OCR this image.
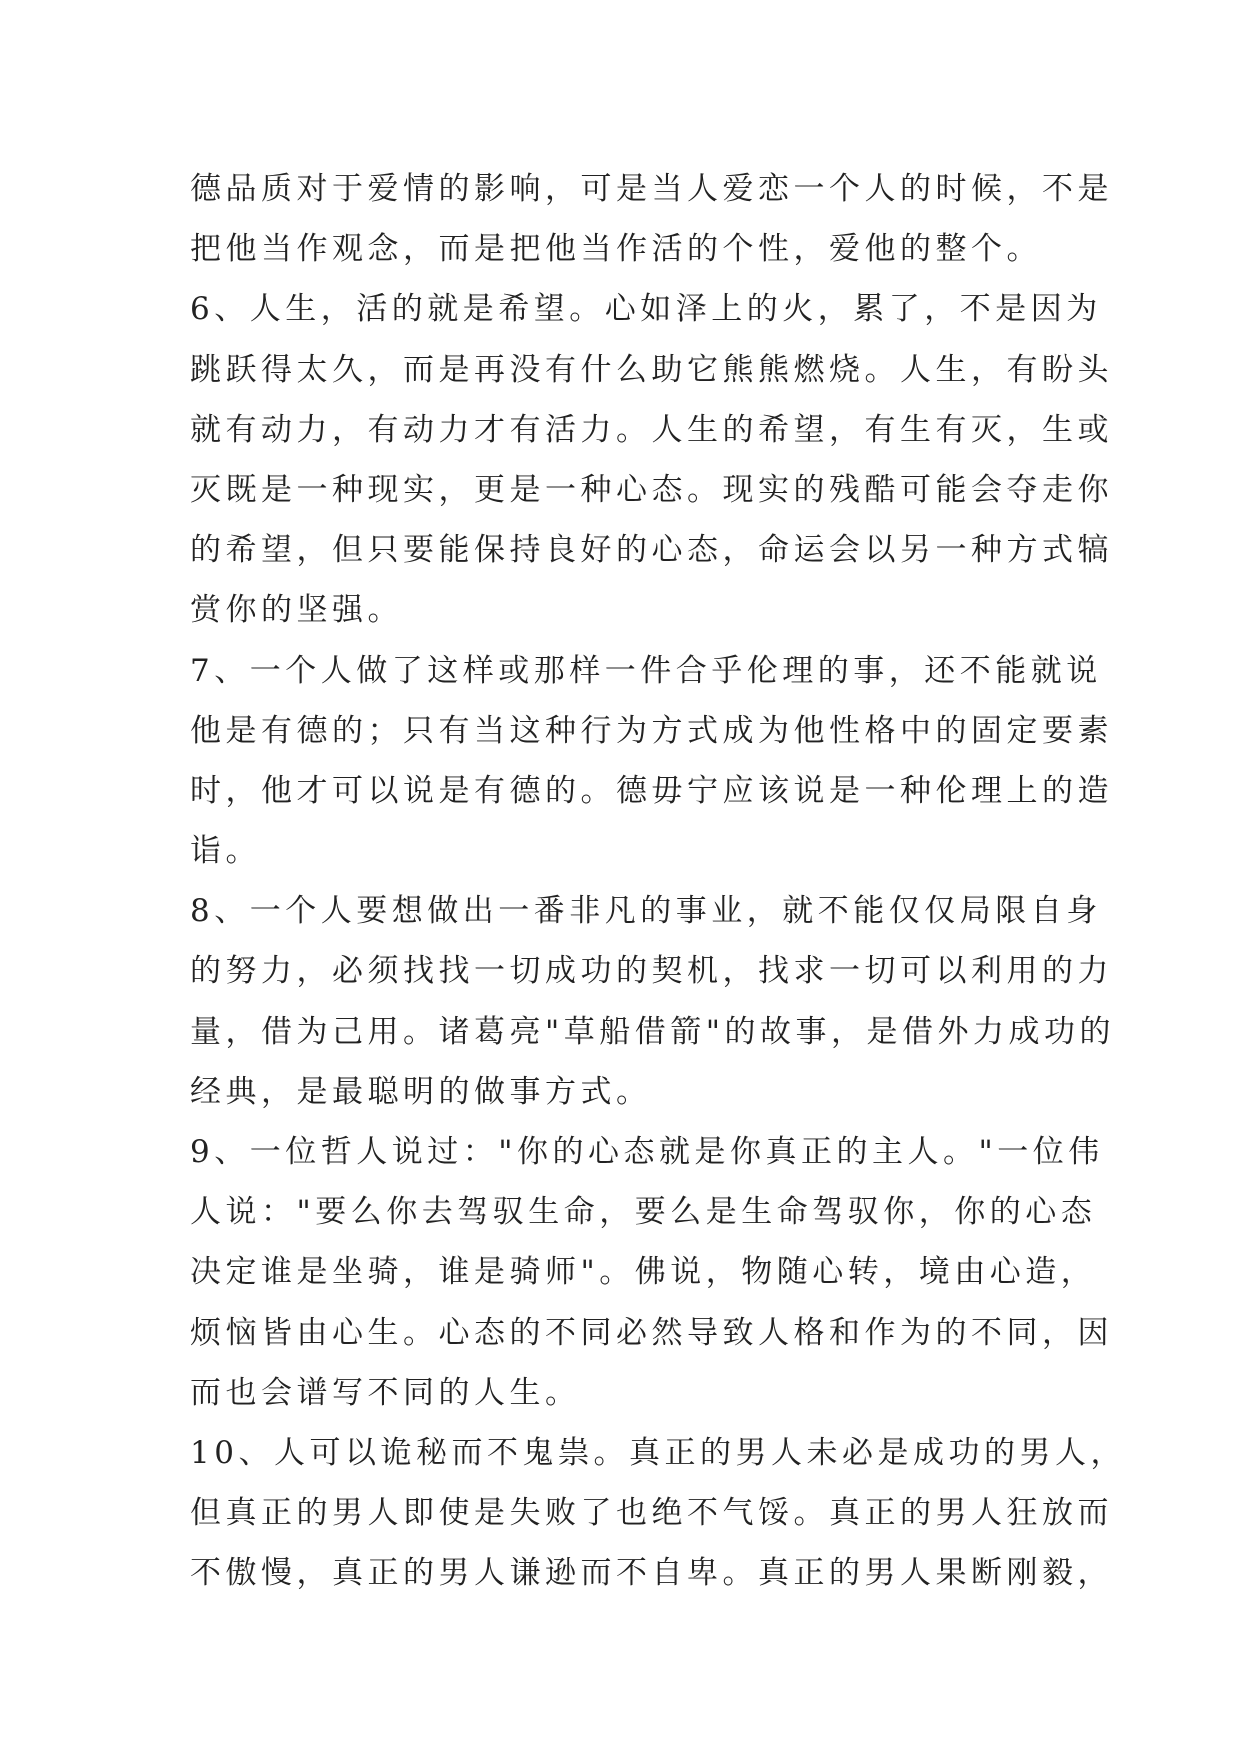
德品质对于爱情的影响，可是当人爱恋一个人的时候，不是
把他当作观念，而是把他当作活的个性，爱他的整个。
6、人生，活的就是希望。心如泽上的火，累了，不是因为
跳跃得太久，而是再没有什么助它熊熊燃烧。人生，有盼头
就有动力，有动力才有活力。人生的希望，有生有灭，生或
灭既是一种现实，更是一种心态。现实的残酷可能会夺走你
的希望，但只要能保持良好的心态，命运会以另一种方式犒
赏你的坚强。
7、一个人做了这样或那样一件合乎伦理的事，还不能就说
他是有德的；只有当这种行为方式成为他性格中的固定要素
时，他才可以说是有德的。德毋宁应该说是一种伦理上的造
诣。
8、一个人要想做出一番非凡的事业，就不能仅仅局限自身
的努力，必须找找一切成功的契机，找求一切可以利用的力
量，借为己用。诸葛亮"草船借箭"的故事，是借外力成功的
经典，是最聪明的做事方式。
9、一位哲人说过："你的心态就是你真正的主人。"一位伟
人说："要么你去驾驭生命，要么是生命驾驭你，你的心态
决定谁是坐骑，谁是骑师"。佛说，物随心转，境由心造，
烦恼皆由心生。心态的不同必然导致人格和作为的不同，因
而也会谱写不同的人生。
10、人可以诡秘而不鬼祟。真正的男人未必是成功的男人，
但真正的男人即使是失败了也绝不气馁。真正的男人狂放而
不傲慢，真正的男人谦逊而不自卑。真正的男人果断刚毅，
